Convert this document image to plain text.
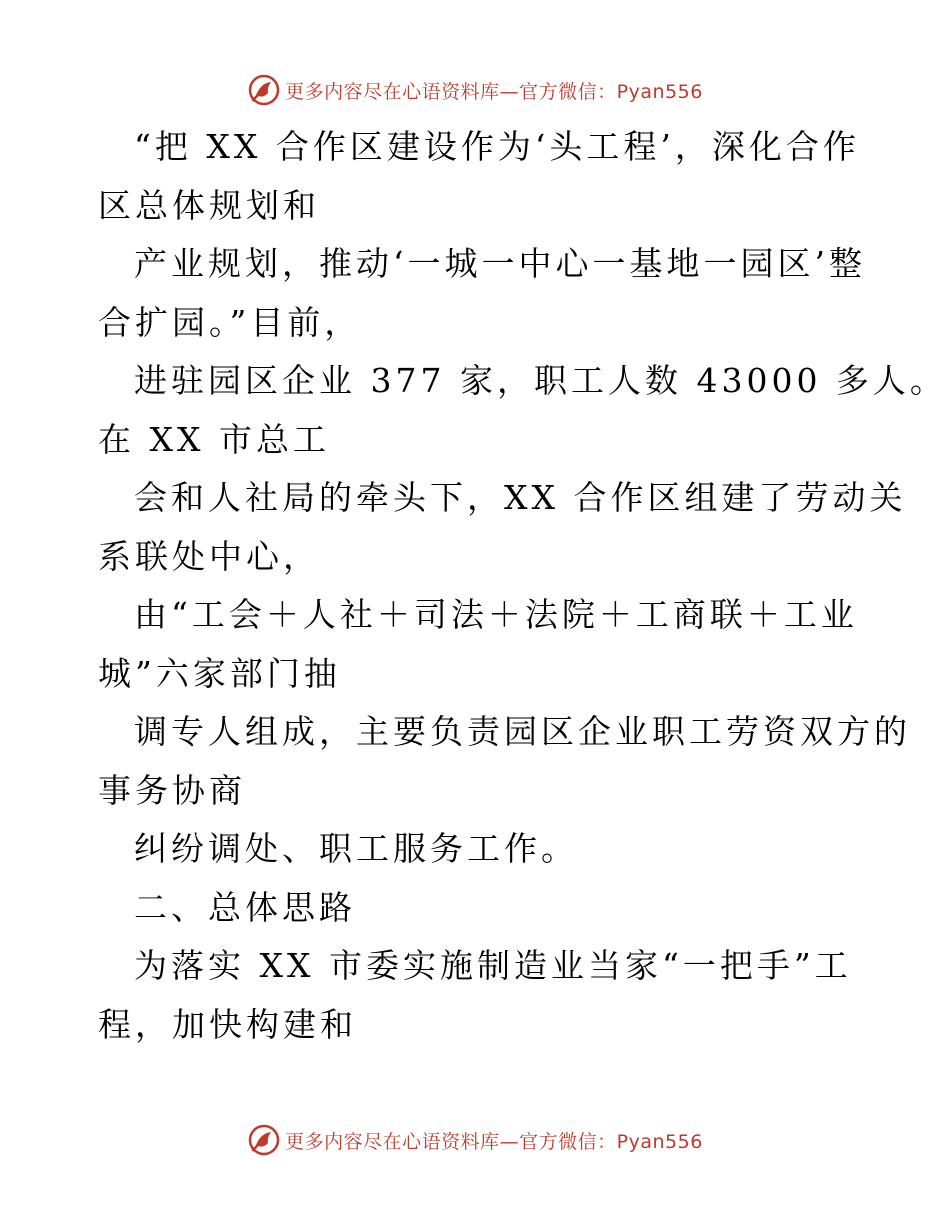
更多内容尽在心语资料库—官方微信：Pyan556
“把 XX 合作区建设作为‘头工程’，深化合作
区总体规划和
产业规划，推动‘一城一中心一基地一园区’整
合扩园。”目前，
进驻园区企业 377 家，职工人数 43000 多人。
在 XX 市总工
会和人社局的牵头下，XX 合作区组建了劳动关
系联处中心，
由“工会＋人社＋司法＋法院＋工商联＋工业
城”六家部门抽
调专人组成，主要负责园区企业职工劳资双方的
事务协商
纠纷调处、职工服务工作。
二、总体思路
为落实 XX 市委实施制造业当家“一把手”工
程，加快构建和
更多内容尽在心语资料库—官方微信：Pyan556
